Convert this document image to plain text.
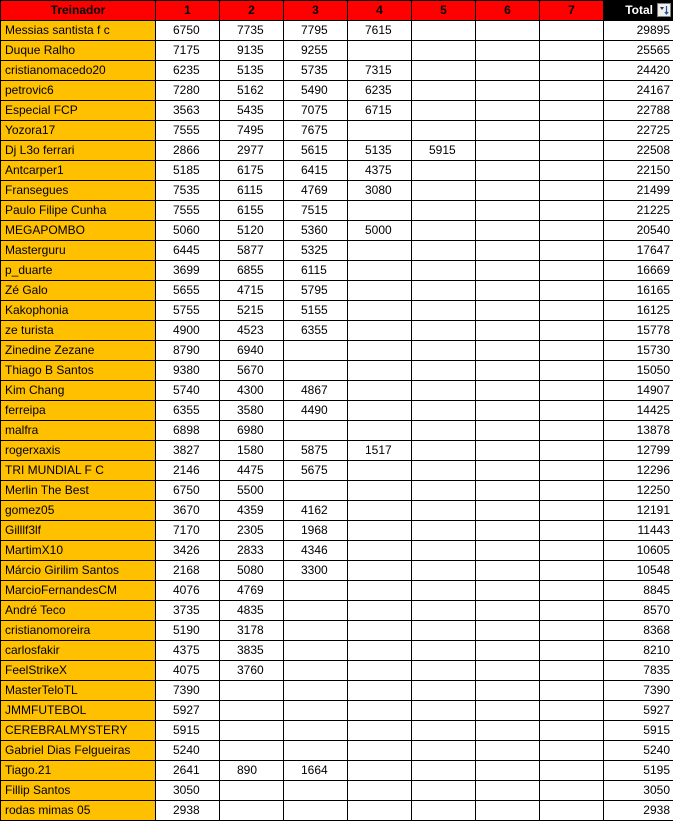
Treinador	1	2	3	4	5	6	7	Total

Messias santista f c	6750	7735	7795	7615				29895
Duque Ralho	7175	9135	9255					25565
cristianomacedo20	6235	5135	5735	7315				24420
petrovic6	7280	5162	5490	6235				24167
Especial FCP	3563	5435	7075	6715				22788
Yozora17	7555	7495	7675					22725
Dj L3o ferrari	2866	2977	5615	5135	5915			22508
Antcarper1	5185	6175	6415	4375				22150
Fransegues	7535	6115	4769	3080				21499
Paulo Filipe Cunha	7555	6155	7515					21225
MEGAPOMBO	5060	5120	5360	5000				20540
Masterguru	6445	5877	5325					17647
p_duarte	3699	6855	6115					16669
Zé Galo	5655	4715	5795					16165
Kakophonia	5755	5215	5155					16125
ze turista	4900	4523	6355					15778
Zinedine Zezane	8790	6940						15730
Thiago B Santos	9380	5670						15050
Kim Chang	5740	4300	4867					14907
ferreipa	6355	3580	4490					14425
malfra	6898	6980						13878
rogerxaxis	3827	1580	5875	1517				12799
TRI MUNDIAL F C	2146	4475	5675					12296
Merlin The Best	6750	5500						12250
gomez05	3670	4359	4162					12191
Gilllf3lf	7170	2305	1968					11443
MartimX10	3426	2833	4346					10605
Márcio Girilim Santos	2168	5080	3300					10548
MarcioFernandesCM	4076	4769						8845
André Teco	3735	4835						8570
cristianomoreira	5190	3178						8368
carlosfakir	4375	3835						8210
FeelStrikeX	4075	3760						7835
MasterTeloTL	7390							7390
JMMFUTEBOL	5927							5927
CEREBRALMYSTERY	5915							5915
Gabriel Dias Felgueiras	5240							5240
Tiago.21	2641	890	1664					5195
Fillip Santos	3050							3050
rodas mimas 05	2938							2938
